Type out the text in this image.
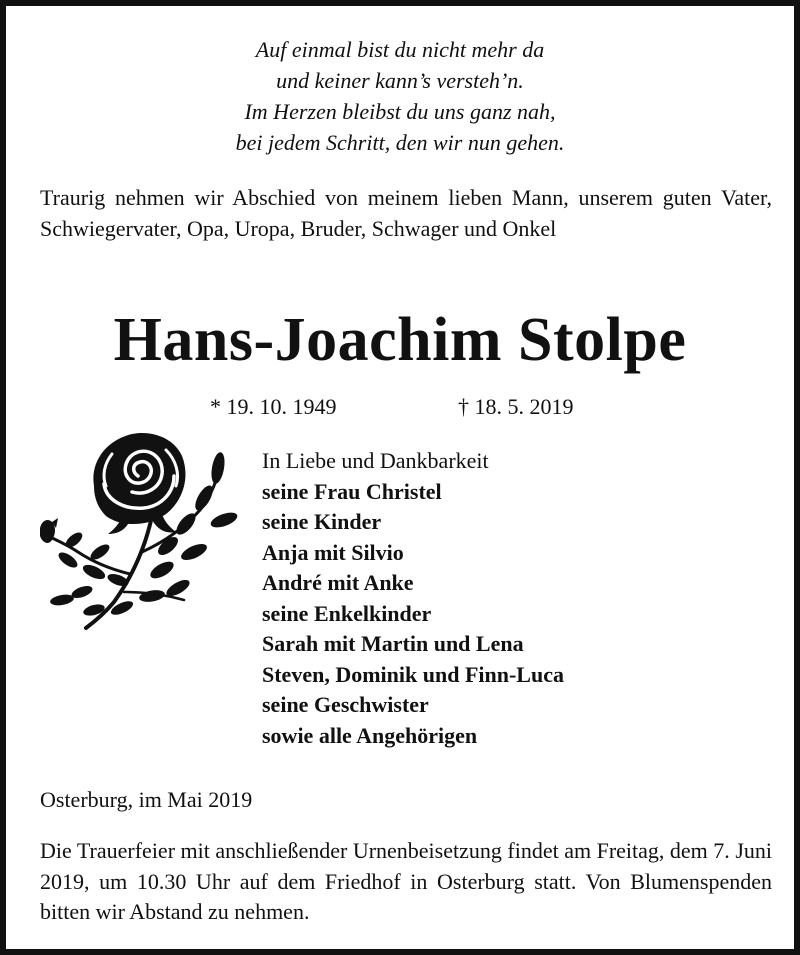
Auf einmal bist du nicht mehr da
und keiner kann’s versteh’n.
Im Herzen bleibst du uns ganz nah,
bei jedem Schritt, den wir nun gehen.
Traurig nehmen wir Abschied von meinem lieben Mann, unserem guten Vater, Schwiegervater, Opa, Uropa, Bruder, Schwager und Onkel
Hans-Joachim Stolpe
* 19. 10. 1949	† 18. 5. 2019
In Liebe und Dankbarkeit
seine Frau Christel
seine Kinder
Anja mit Silvio
André mit Anke
seine Enkelkinder
Sarah mit Martin und Lena
Steven, Dominik und Finn-Luca
seine Geschwister
sowie alle Angehörigen
Osterburg, im Mai 2019
Die Trauerfeier mit anschließender Urnenbeisetzung findet am Freitag, dem 7. Juni 2019, um 10.30 Uhr auf dem Friedhof in Osterburg statt. Von Blumenspenden bitten wir Abstand zu nehmen.
